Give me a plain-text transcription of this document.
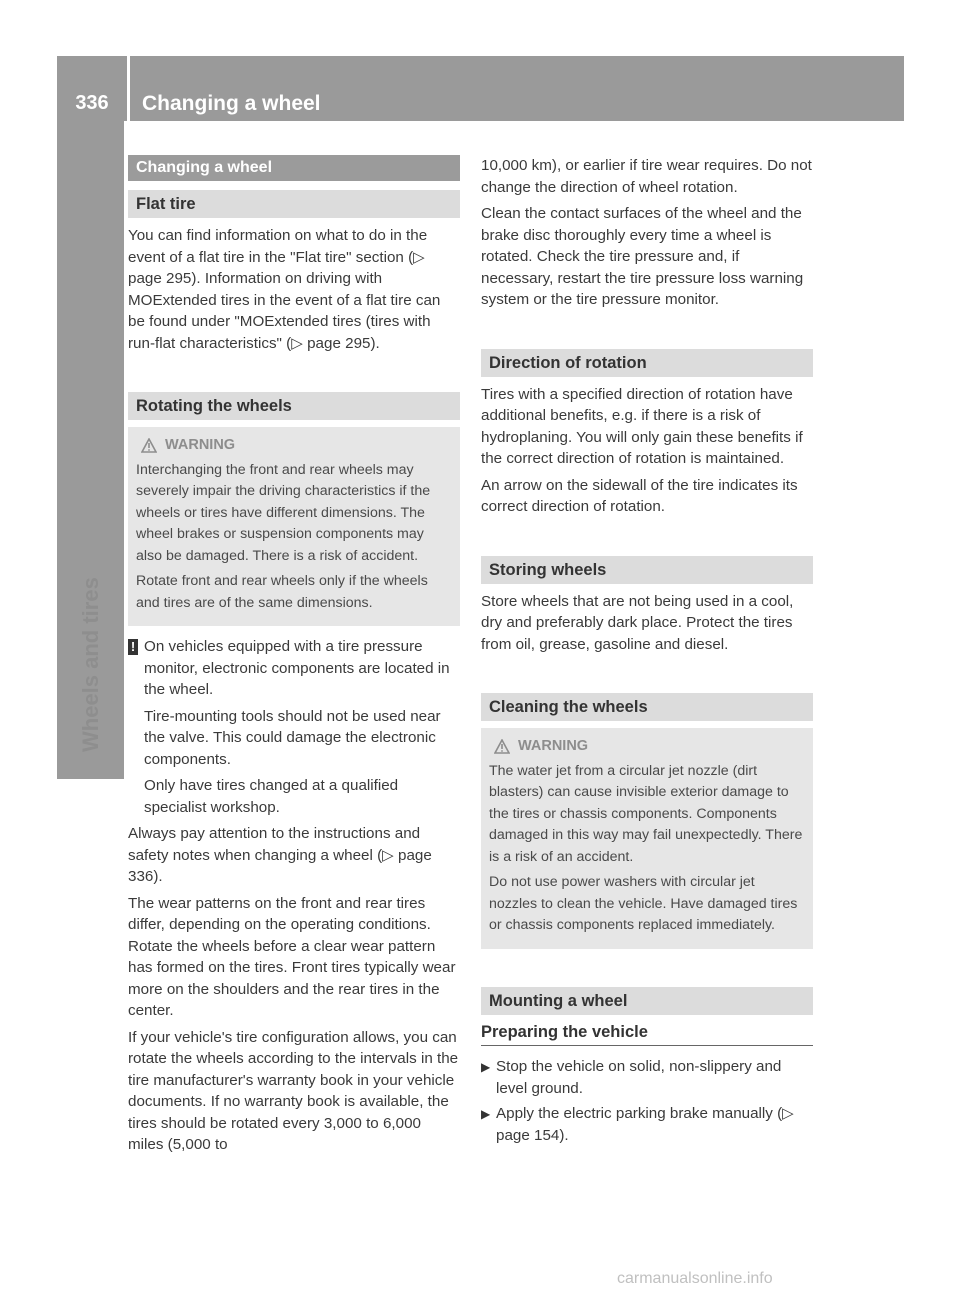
336	Changing a wheel
Wheels and tires
Changing a wheel
Flat tire

You can find information on what to do in the event of a flat tire in the "Flat tire" section (▷ page 295). Information on driving with MOExtended tires in the event of a flat tire can be found under "MOExtended tires (tires with run-flat characteristics" (▷ page 295).

Rotating the wheels
WARNING

Interchanging the front and rear wheels may severely impair the driving characteristics if the wheels or tires have different dimensions. The wheel brakes or suspension components may also be damaged. There is a risk of accident.

Rotate front and rear wheels only if the wheels and tires are of the same dimensions.

! On vehicles equipped with a tire pressure monitor, electronic components are located in the wheel.

Tire-mounting tools should not be used near the valve. This could damage the electronic components.

Only have tires changed at a qualified specialist workshop.

Always pay attention to the instructions and safety notes when changing a wheel (▷ page 336).

The wear patterns on the front and rear tires differ, depending on the operating conditions. Rotate the wheels before a clear wear pattern has formed on the tires. Front tires typically wear more on the shoulders and the rear tires in the center.

If your vehicle's tire configuration allows, you can rotate the wheels according to the intervals in the tire manufacturer's warranty book in your vehicle documents. If no warranty book is available, the tires should be rotated every 3,000 to 6,000 miles (5,000 to

10,000 km), or earlier if tire wear requires. Do not change the direction of wheel rotation.

Clean the contact surfaces of the wheel and the brake disc thoroughly every time a wheel is rotated. Check the tire pressure and, if necessary, restart the tire pressure loss warning system or the tire pressure monitor.

Direction of rotation

Tires with a specified direction of rotation have additional benefits, e.g. if there is a risk of hydroplaning. You will only gain these benefits if the correct direction of rotation is maintained.

An arrow on the sidewall of the tire indicates its correct direction of rotation.

Storing wheels

Store wheels that are not being used in a cool, dry and preferably dark place. Protect the tires from oil, grease, gasoline and diesel.

Cleaning the wheels
WARNING

The water jet from a circular jet nozzle (dirt blasters) can cause invisible exterior damage to the tires or chassis components. Components damaged in this way may fail unexpectedly. There is a risk of an accident.

Do not use power washers with circular jet nozzles to clean the vehicle. Have damaged tires or chassis components replaced immediately.

Mounting a wheel
Preparing the vehicle
▶ Stop the vehicle on solid, non-slippery and level ground.
▶ Apply the electric parking brake manually (▷ page 154).
carmanualsonline.info
